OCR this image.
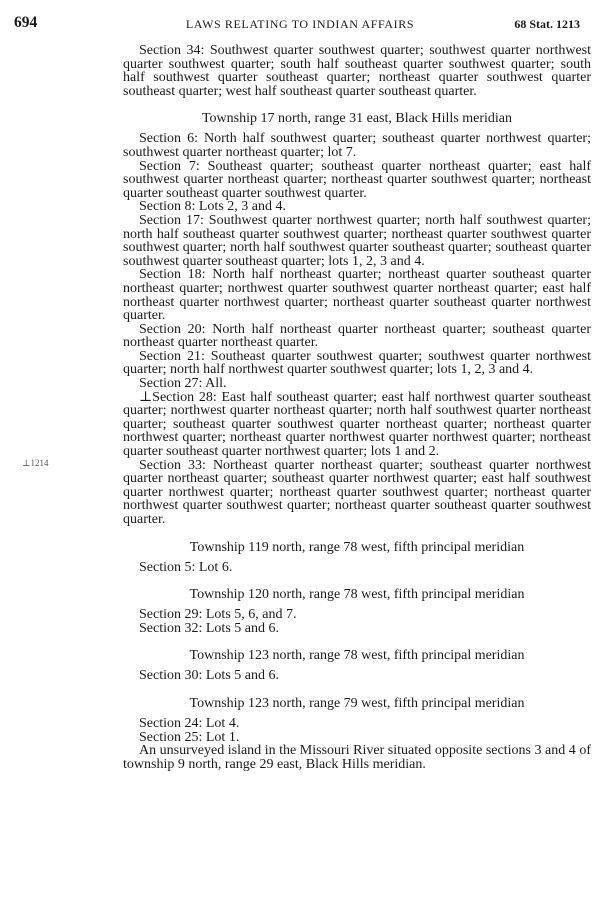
694	LAWS RELATING TO INDIAN AFFAIRS	68 Stat. 1213
⊥1214

Section 34: Southwest quarter southwest quarter; southwest quarter northwest quarter southwest quarter; south half southeast quarter southwest quarter; south half southwest quarter southeast quarter; northeast quarter southwest quarter southeast quarter; west half southeast quarter southeast quarter.

Township 17 north, range 31 east, Black Hills meridian

Section 6: North half southwest quarter; southeast quarter northwest quarter; southwest quarter northeast quarter; lot 7.

Section 7: Southeast quarter; southeast quarter northeast quarter; east half southwest quarter northeast quarter; northeast quarter southwest quarter; northeast quarter southeast quarter southwest quarter.

Section 8: Lots 2, 3 and 4.

Section 17: Southwest quarter northwest quarter; north half southwest quarter; north half southeast quarter southwest quarter; northeast quarter southwest quarter southwest quarter; north half southwest quarter southeast quarter; southeast quarter southwest quarter southeast quarter; lots 1, 2, 3 and 4.

Section 18: North half northeast quarter; northeast quarter southeast quarter northeast quarter; northwest quarter southwest quarter northeast quarter; east half northeast quarter northwest quarter; northeast quarter southeast quarter northwest quarter.

Section 20: North half northeast quarter northeast quarter; southeast quarter northeast quarter northeast quarter.

Section 21: Southeast quarter southwest quarter; southwest quarter northwest quarter; north half northwest quarter southwest quarter; lots 1, 2, 3 and 4.

Section 27: All.

⊥Section 28: East half southeast quarter; east half northwest quarter southeast quarter; northwest quarter northeast quarter; north half southwest quarter northeast quarter; southeast quarter southwest quarter northeast quarter; northeast quarter northwest quarter; northeast quarter northwest quarter northwest quarter; northeast quarter southeast quarter northwest quarter; lots 1 and 2.

Section 33: Northeast quarter northeast quarter; southeast quarter northwest quarter northeast quarter; southeast quarter northwest quarter; east half southwest quarter northwest quarter; northeast quarter southwest quarter; northeast quarter northwest quarter southwest quarter; northeast quarter southeast quarter southwest quarter.

Township 119 north, range 78 west, fifth principal meridian

Section 5: Lot 6.

Township 120 north, range 78 west, fifth principal meridian

Section 29: Lots 5, 6, and 7.

Section 32: Lots 5 and 6.

Township 123 north, range 78 west, fifth principal meridian

Section 30: Lots 5 and 6.

Township 123 north, range 79 west, fifth principal meridian

Section 24: Lot 4.

Section 25: Lot 1.

An unsurveyed island in the Missouri River situated opposite sections 3 and 4 of township 9 north, range 29 east, Black Hills meridian.
